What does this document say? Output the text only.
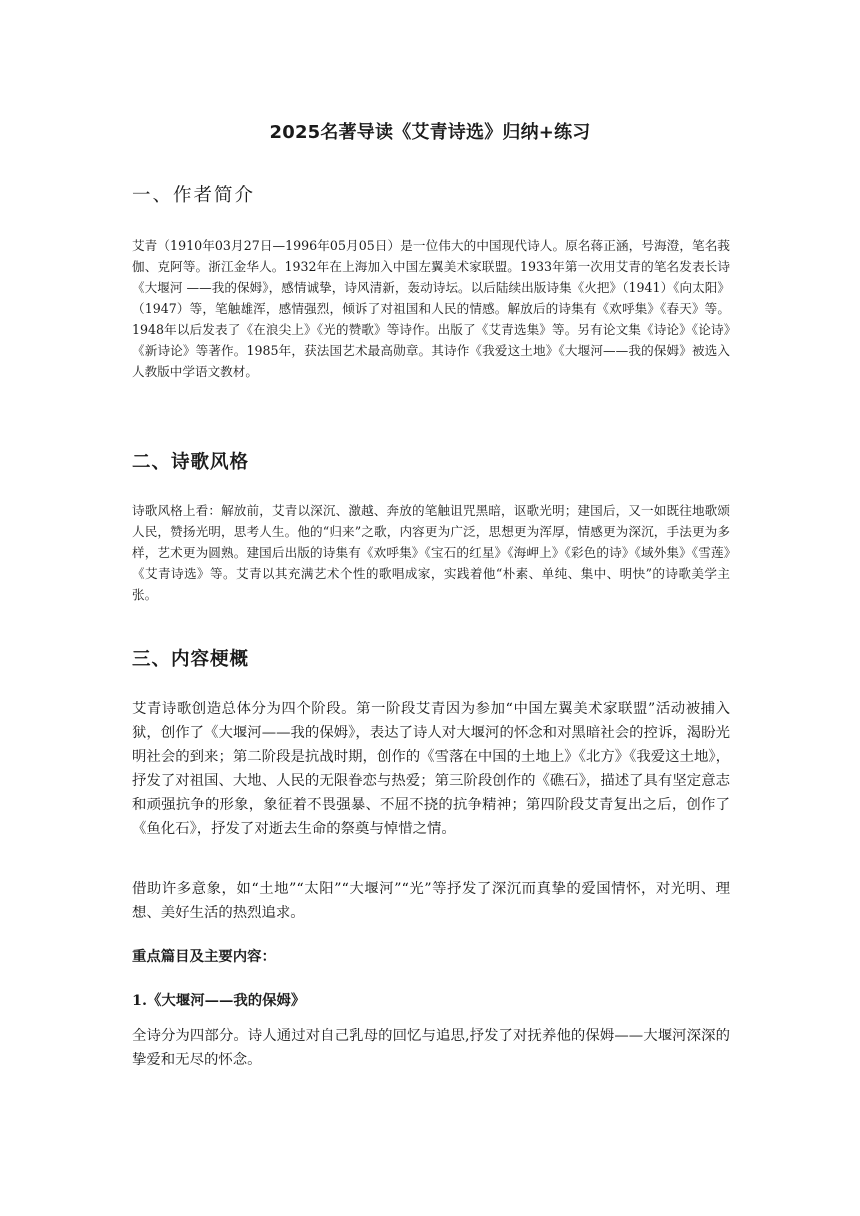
2025名著导读《艾青诗选》归纳+练习
一、作者简介

艾青（1910年03月27日—1996年05月05日）是一位伟大的中国现代诗人。原名蒋正涵，号海澄，笔名莪伽、克阿等。浙江金华人。1932年在上海加入中国左翼美术家联盟。1933年第一次用艾青的笔名发表长诗《大堰河 ——我的保姆》，感情诚挚，诗风清新，轰动诗坛。以后陆续出版诗集《火把》（1941）《向太阳》（1947）等，笔触雄浑，感情强烈，倾诉了对祖国和人民的情感。解放后的诗集有《欢呼集》《春天》等。1948年以后发表了《在浪尖上》《光的赞歌》等诗作。出版了《艾青选集》等。另有论文集《诗论》《论诗》《新诗论》等著作。1985年，获法国艺术最高勋章。其诗作《我爱这土地》《大堰河——我的保姆》被选入人教版中学语文教材。

二、诗歌风格

诗歌风格上看：解放前，艾青以深沉、激越、奔放的笔触诅咒黑暗，讴歌光明；建国后，又一如既往地歌颂人民，赞扬光明，思考人生。他的“归来”之歌，内容更为广泛，思想更为浑厚，情感更为深沉，手法更为多样，艺术更为圆熟。建国后出版的诗集有《欢呼集》《宝石的红星》《海岬上》《彩色的诗》《域外集》《雪莲》《艾青诗选》等。艾青以其充满艺术个性的歌唱成家，实践着他“朴素、单纯、集中、明快”的诗歌美学主张。

三、内容梗概

艾青诗歌创造总体分为四个阶段。第一阶段艾青因为参加“中国左翼美术家联盟”活动被捕入狱，创作了《大堰河——我的保姆》，表达了诗人对大堰河的怀念和对黑暗社会的控诉，渴盼光明社会的到来；第二阶段是抗战时期，创作的《雪落在中国的土地上》《北方》《我爱这土地》，抒发了对祖国、大地、人民的无限眷恋与热爱；第三阶段创作的《礁石》，描述了具有坚定意志和顽强抗争的形象，象征着不畏强暴、不屈不挠的抗争精神；第四阶段艾青复出之后，创作了《鱼化石》，抒发了对逝去生命的祭奠与悼惜之情。

借助许多意象，如“土地”“太阳”“大堰河”“光”等抒发了深沉而真挚的爱国情怀，对光明、理想、美好生活的热烈追求。

重点篇目及主要内容：

1.《大堰河——我的保姆》

全诗分为四部分。诗人通过对自己乳母的回忆与追思,抒发了对抚养他的保姆——大堰河深深的挚爱和无尽的怀念。
